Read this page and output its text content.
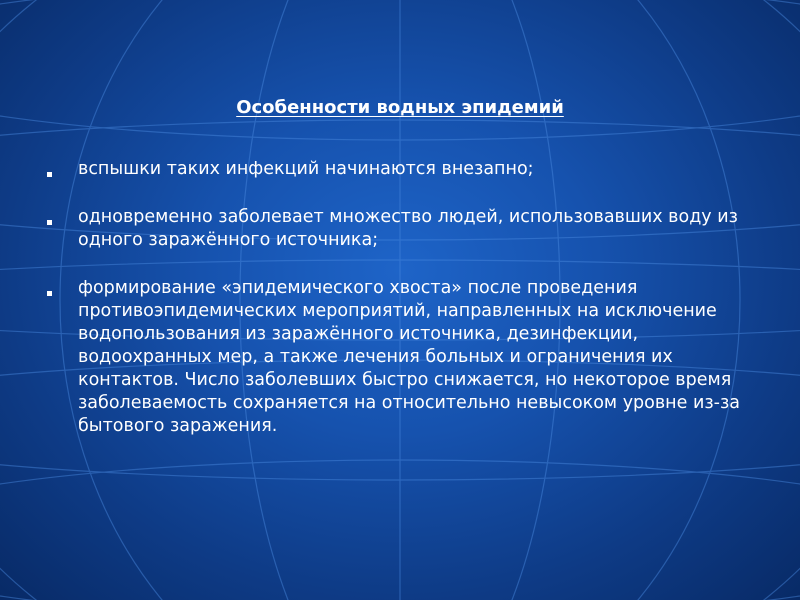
Особенности водных эпидемий
вспышки таких инфекций начинаются внезапно;
одновременно заболевает множество людей, использовавших воду из одного заражённого источника;
формирование «эпидемического хвоста» после проведения противоэпидемических мероприятий, направленных на исключение водопользования из заражённого источника, дезинфекции, водоохранных мер, а также лечения больных и ограничения их контактов. Число заболевших быстро снижается, но некоторое время заболеваемость сохраняется на относительно невысоком уровне из-за бытового заражения.
